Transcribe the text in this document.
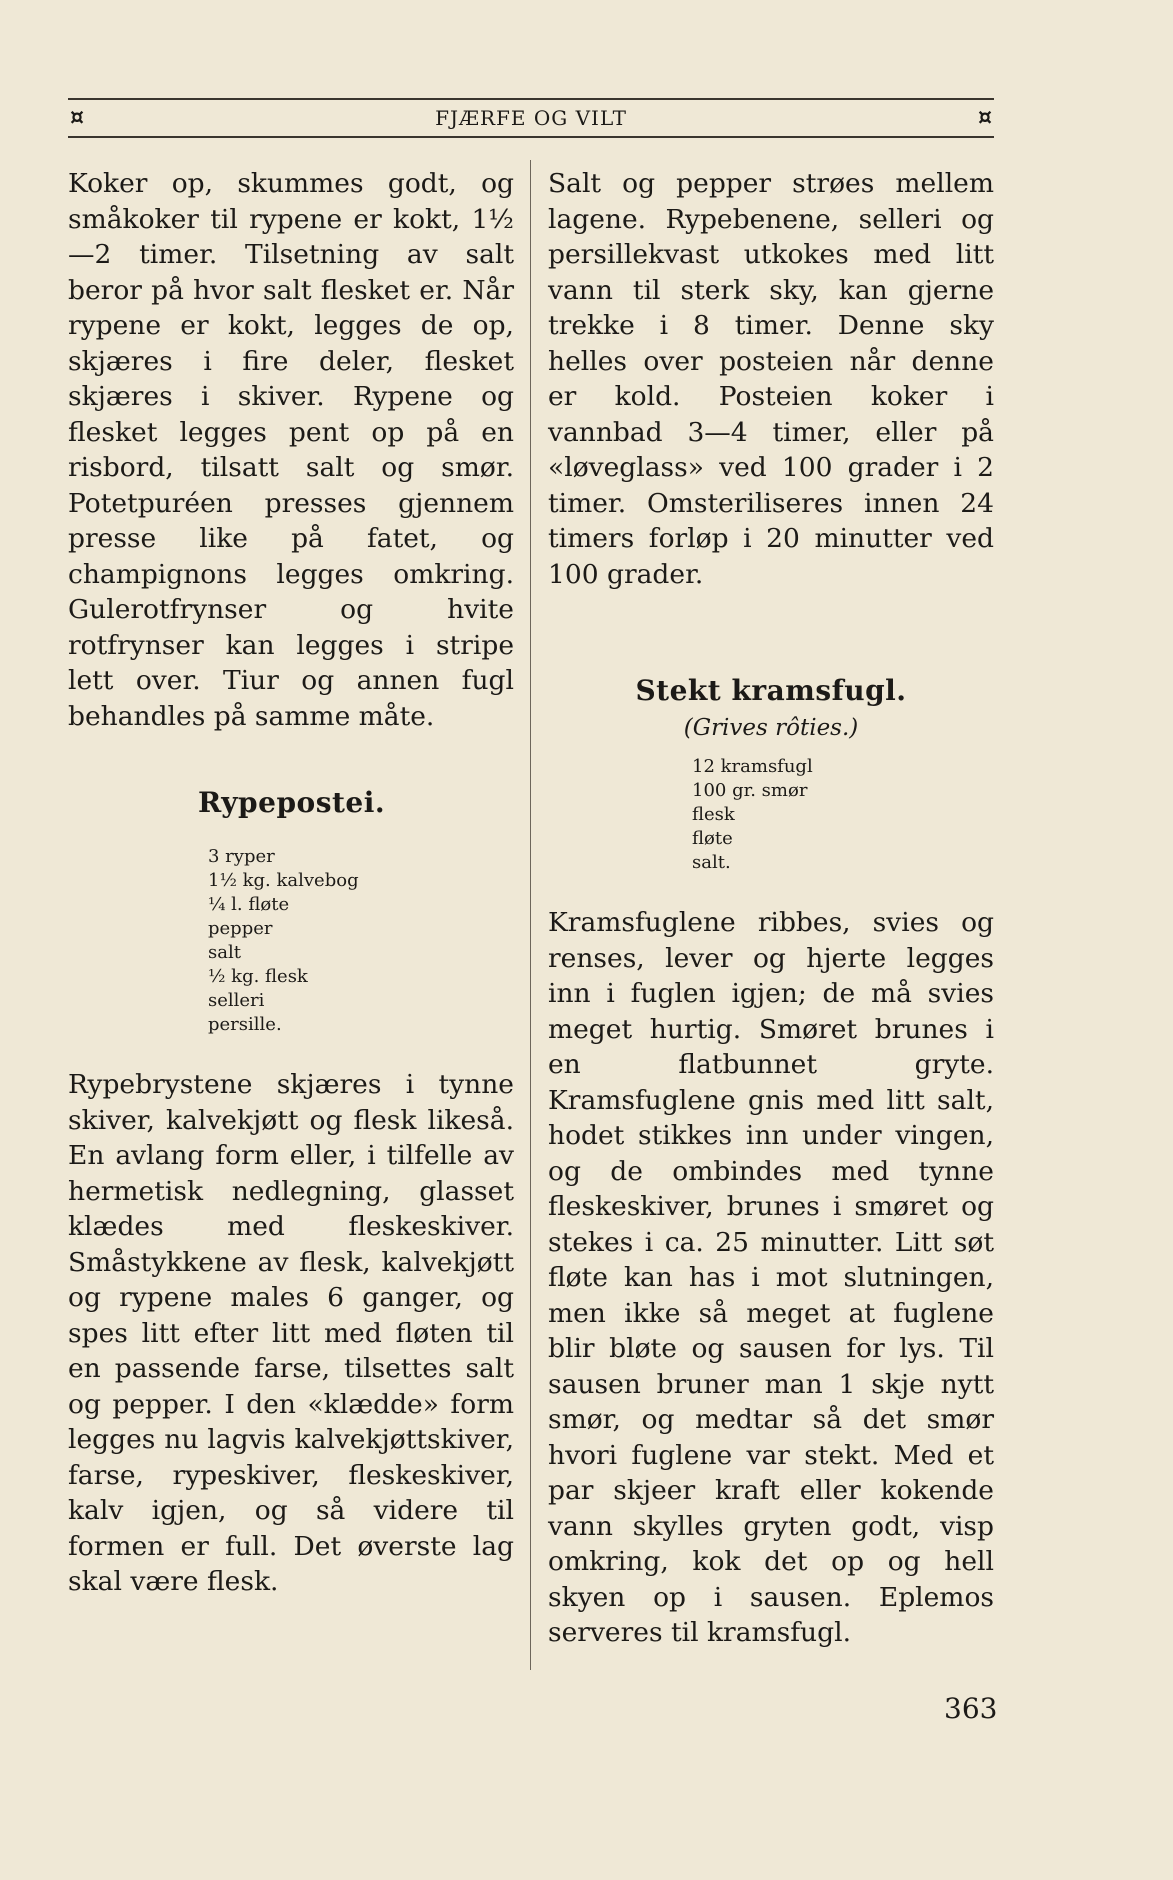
¤	FJÆRFE OG VILT	¤

Koker op, skummes godt, og småkoker til rypene er kokt, 1½—2 timer. Tilsetning av salt beror på hvor salt flesket er. Når rypene er kokt, legges de op, skjæres i fire deler, flesket skjæres i skiver. Rypene og flesket legges pent op på en risbord, tilsatt salt og smør. Potetpuréen presses gjennem presse like på fatet, og champignons legges omkring. Gulerotfrynser og hvite rotfrynser kan legges i stripe lett over. Tiur og annen fugl behandles på samme måte.

Rypepostei.

3 ryper
1½ kg. kalvebog
¼ l. fløte
pepper
salt
½ kg. flesk
selleri
persille.

Rypebrystene skjæres i tynne skiver, kalvekjøtt og flesk likeså. En avlang form eller, i tilfelle av hermetisk nedlegning, glasset klædes med fleskeskiver. Småstykkene av flesk, kalvekjøtt og rypene males 6 ganger, og spes litt efter litt med fløten til en passende farse, tilsettes salt og pepper. I den «klædde» form legges nu lagvis kalvekjøttskiver, farse, rypeskiver, fleskeskiver, kalv igjen, og så videre til formen er full. Det øverste lag skal være flesk.

Salt og pepper strøes mellem lagene. Rypebenene, selleri og persillekvast utkokes med litt vann til sterk sky, kan gjerne trekke i 8 timer. Denne sky helles over posteien når denne er kold. Posteien koker i vannbad 3—4 timer, eller på «løveglass» ved 100 grader i 2 timer. Omsteriliseres innen 24 timers forløp i 20 minutter ved 100 grader.

Stekt kramsfugl.

(Grives rôties.)

12 kramsfugl
100 gr. smør
flesk
fløte
salt.

Kramsfuglene ribbes, svies og renses, lever og hjerte legges inn i fuglen igjen; de må svies meget hurtig. Smøret brunes i en flatbunnet gryte. Kramsfuglene gnis med litt salt, hodet stikkes inn under vingen, og de ombindes med tynne fleskeskiver, brunes i smøret og stekes i ca. 25 minutter. Litt søt fløte kan has i mot slutningen, men ikke så meget at fuglene blir bløte og sausen for lys. Til sausen bruner man 1 skje nytt smør, og medtar så det smør hvori fuglene var stekt. Med et par skjeer kraft eller kokende vann skylles gryten godt, visp omkring, kok det op og hell skyen op i sausen. Eplemos serveres til kramsfugl.

363
